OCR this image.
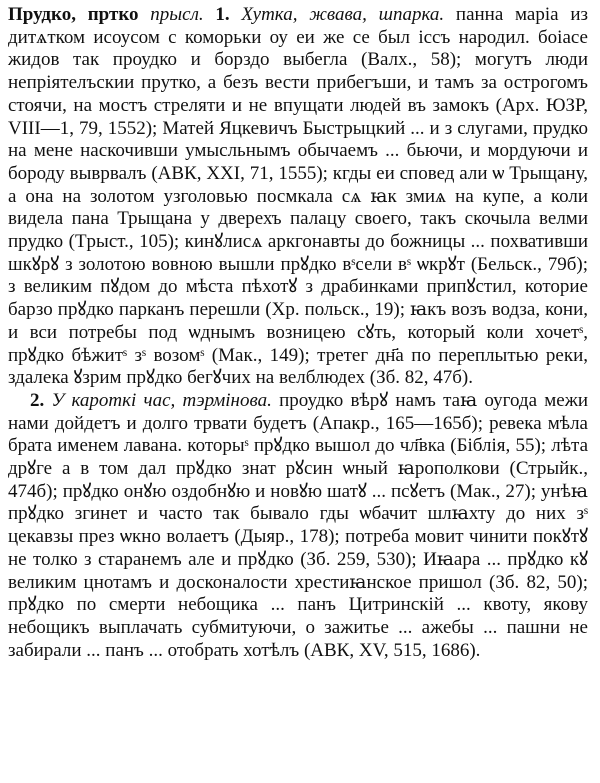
Прудко, пртко прысл. 1. Хутка, жвава, шпарка. панна марiа из дитѧтком исоусом с комoрьки оу еи же се был iссъ народил. боiасе жидов так проудко и борздо выбегла (Валх., 58); могутъ люди непрiятелъскии прутко, а безъ вести прибегъши, и тамъ за острогомъ стоячи, на мостъ стреляти и не впущати людей въ замокъ (Арх. ЮЗР, VIII—1, 79, 1552); Матей Яцкевичъ Быстрыцкий ... и з слугами, прудко на мене наскочивши умысльнымъ обычаемъ ... бьючи, и мордуючи и бороду выврвалъ (АВК, XXI, 71, 1555); кгды еи сповед али ѡ Трыщану, а она на золотом узголовью посмкалa сѧ ꙗк змиѧ на купе, а коли видела пана Трыщана у дверехъ палацу своего, такъ скочыла велми прудко (Тpыст., 105); кинꙋлисѧ аркгонавты до божницы ... похвативши шкꙋрꙋ з золотою вовною вышли прꙋдко вˢсели вˢ ѡкрꙋт (Бельск., 79б); з великим пꙋдом до мѣста пѣхотꙋ з драбинками припꙋстил, которие барзо прꙋдко парканъ перешли (Хр. польск., 19); ꙗкъ возъ водза, кони, и вси потребы под ѡднымъ возницею сꙋть, который коли хочетˢ, прꙋдко бѣжитˢ зˢ возомˢ (Мак., 149); третег дн҃а по переплытью реки, здалека ꙋзрим прꙋдко бегꙋчих на велблюдех (Зб. 82, 47б).

2. У кароткі час, тэрмінова. проудко вѣрꙋ намъ таꙗ оугода межи нами дойдетъ и долго трвати будетъ (Апакр., 165—165б); ревека мѣла брата именем лавана. которыˢ прꙋдко вышол до чл҃вка (Бiблiя, 55); лѣта дрꙋге а в том дал прꙋдко знат рꙋсин ѡный ꙗрополкови (Стрыйк., 474б); прꙋдко онꙋю оздобнꙋю и новꙋю шатꙋ ... псꙋетъ (Мак., 27); унѣꙗ прꙋдко згинет и часто так бывало гды ѡбачит шлꙗхту до них зˢ цекавзы през ѡкно волаетъ (Дыяр., 178); потреба мовит чинити покꙋтꙋ не толко з старанемъ але и прꙋдко (Зб. 259, 530); Иꙗара ... прꙋдко кꙋ великим цнотамъ и досконалости хрестиꙗнское пришол (Зб. 82, 50); прꙋдко по смерти небощика ... панъ Цитринскiй ... квоту, якову небощикъ выплачать субмитуючи, о зажитье ... ажебы ... пашни не забирали ... панъ ... отобрать хотѣлъ (АВК, XV, 515, 1686).
